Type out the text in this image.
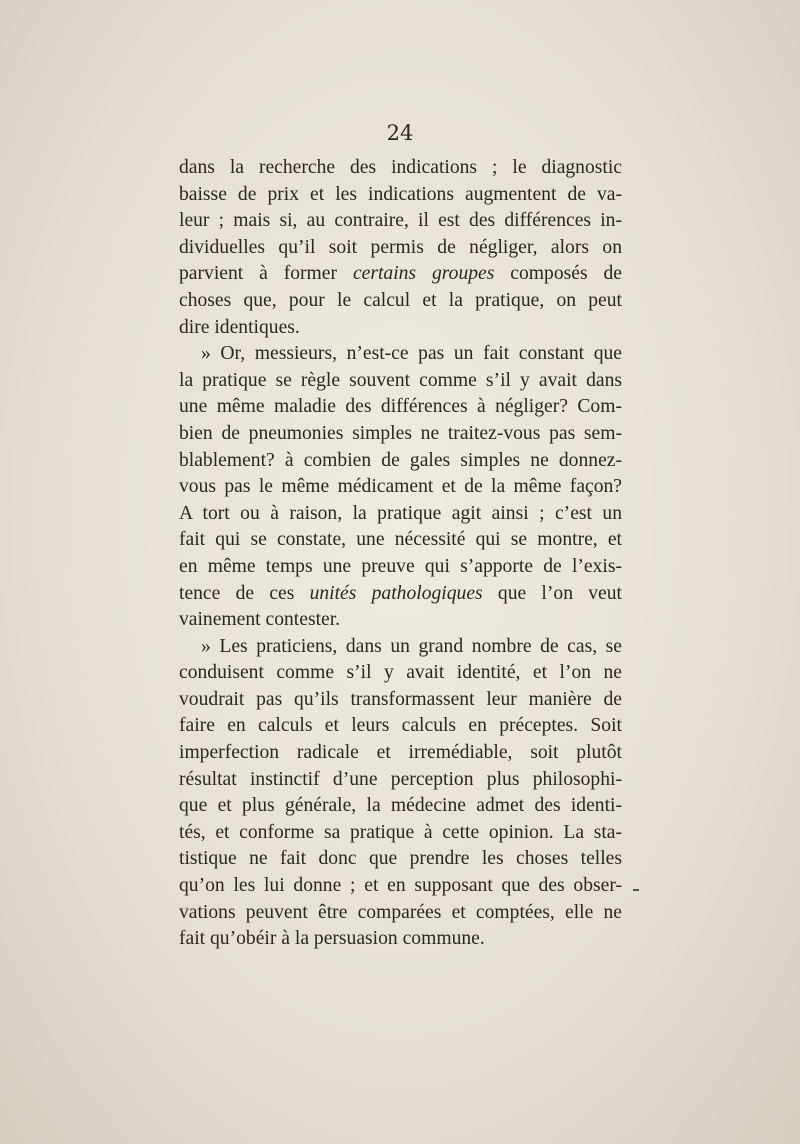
24
dans la recherche des indications ; le diagnostic
baisse de prix et les indications augmentent de va-
leur ; mais si, au contraire, il est des différences in-
dividuelles qu’il soit permis de négliger, alors on
parvient à former certains groupes composés de
choses que, pour le calcul et la pratique, on peut
dire identiques.
» Or, messieurs, n’est-ce pas un fait constant que
la pratique se règle souvent comme s’il y avait dans
une même maladie des différences à négliger? Com-
bien de pneumonies simples ne traitez-vous pas sem-
blablement? à combien de gales simples ne donnez-
vous pas le même médicament et de la même façon?
A tort ou à raison, la pratique agit ainsi ; c’est un
fait qui se constate, une nécessité qui se montre, et
en même temps une preuve qui s’apporte de l’exis-
tence de ces unités pathologiques que l’on veut
vainement contester.
» Les praticiens, dans un grand nombre de cas, se
conduisent comme s’il y avait identité, et l’on ne
voudrait pas qu’ils transformassent leur manière de
faire en calculs et leurs calculs en préceptes. Soit
imperfection radicale et irremédiable, soit plutôt
résultat instinctif d’une perception plus philosophi-
que et plus générale, la médecine admet des identi-
tés, et conforme sa pratique à cette opinion. La sta-
tistique ne fait donc que prendre les choses telles
qu’on les lui donne ; et en supposant que des obser-
vations peuvent être comparées et comptées, elle ne
fait qu’obéir à la persuasion commune.
